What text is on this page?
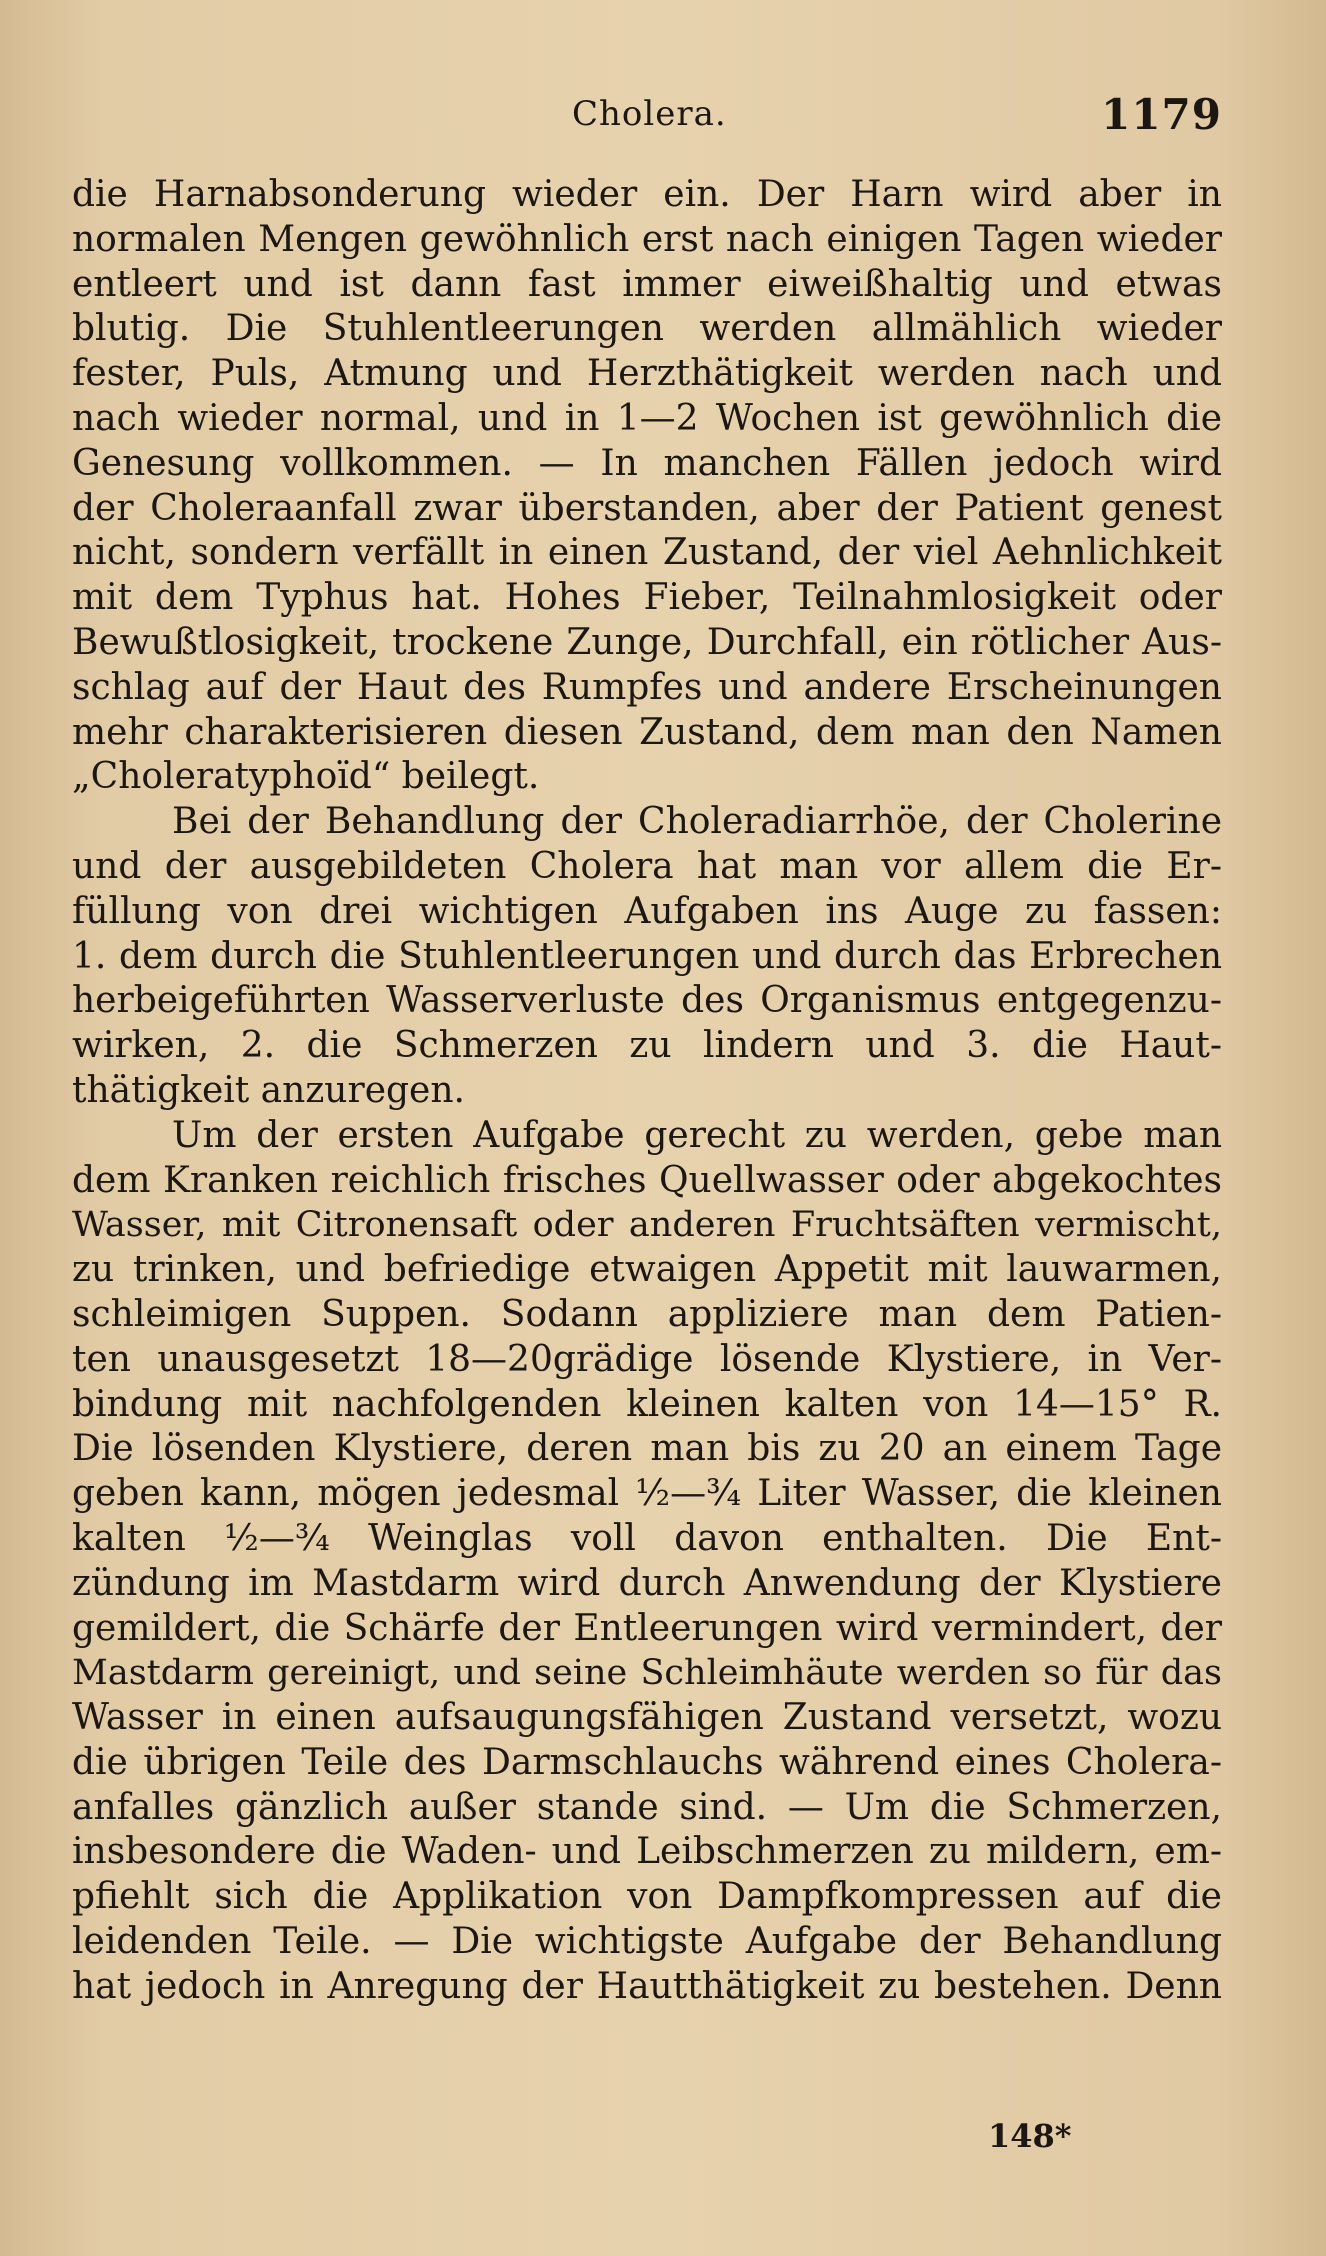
Cholera.	1179
die Harnabsonderung wieder ein. Der Harn wird aber in
normalen Mengen gewöhnlich erst nach einigen Tagen wieder
entleert und ist dann fast immer eiweißhaltig und etwas
blutig. Die Stuhlentleerungen werden allmählich wieder
fester, Puls, Atmung und Herzthätigkeit werden nach und
nach wieder normal, und in 1—2 Wochen ist gewöhnlich die
Genesung vollkommen. — In manchen Fällen jedoch wird
der Choleraanfall zwar überstanden, aber der Patient genest
nicht, sondern verfällt in einen Zustand, der viel Aehnlichkeit
mit dem Typhus hat. Hohes Fieber, Teilnahmlosigkeit oder
Bewußtlosigkeit, trockene Zunge, Durchfall, ein rötlicher Aus-
schlag auf der Haut des Rumpfes und andere Erscheinungen
mehr charakterisieren diesen Zustand, dem man den Namen
„Choleratyphoïd“ beilegt.
Bei der Behandlung der Choleradiarrhöe, der Cholerine
und der ausgebildeten Cholera hat man vor allem die Er-
füllung von drei wichtigen Aufgaben ins Auge zu fassen:
1. dem durch die Stuhlentleerungen und durch das Erbrechen
herbeigeführten Wasserverluste des Organismus entgegenzu-
wirken, 2. die Schmerzen zu lindern und 3. die Haut-
thätigkeit anzuregen.
Um der ersten Aufgabe gerecht zu werden, gebe man
dem Kranken reichlich frisches Quellwasser oder abgekochtes
Wasser, mit Citronensaft oder anderen Fruchtsäften vermischt,
zu trinken, und befriedige etwaigen Appetit mit lauwarmen,
schleimigen Suppen. Sodann appliziere man dem Patien-
ten unausgesetzt 18—20grädige lösende Klystiere, in Ver-
bindung mit nachfolgenden kleinen kalten von 14—15° R.
Die lösenden Klystiere, deren man bis zu 20 an einem Tage
geben kann, mögen jedesmal ½—¾ Liter Wasser, die kleinen
kalten ½—¾ Weinglas voll davon enthalten. Die Ent-
zündung im Mastdarm wird durch Anwendung der Klystiere
gemildert, die Schärfe der Entleerungen wird vermindert, der
Mastdarm gereinigt, und seine Schleimhäute werden so für das
Wasser in einen aufsaugungsfähigen Zustand versetzt, wozu
die übrigen Teile des Darmschlauchs während eines Cholera-
anfalles gänzlich außer stande sind. — Um die Schmerzen,
insbesondere die Waden- und Leibschmerzen zu mildern, em-
pfiehlt sich die Applikation von Dampfkompressen auf die
leidenden Teile. — Die wichtigste Aufgabe der Behandlung
hat jedoch in Anregung der Hautthätigkeit zu bestehen. Denn
148*
